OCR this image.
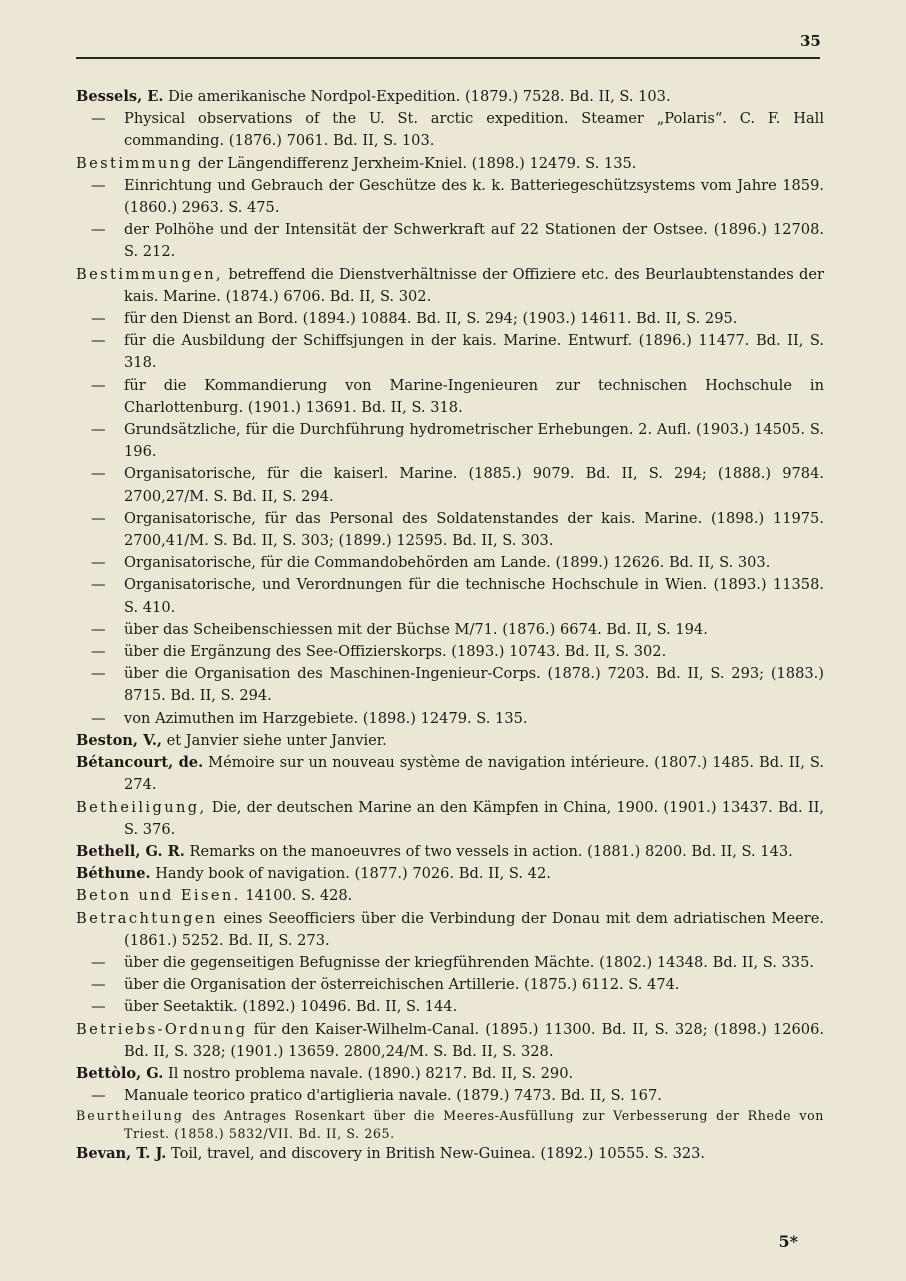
35
Bessels, E. Die amerikanische Nordpol-Expedition. (1879.) 7528. Bd. II, S. 103.
— Physical observations of the U. St. arctic expedition. Steamer „Polaris“. C. F. Hall commanding. (1876.) 7061. Bd. II, S. 103.
Bestimmung der Längendifferenz Jerxheim-Kniel. (1898.) 12479. S. 135.
— Einrichtung und Gebrauch der Geschütze des k. k. Batteriegeschützsystems vom Jahre 1859. (1860.) 2963. S. 475.
— der Polhöhe und der Intensität der Schwerkraft auf 22 Stationen der Ostsee. (1896.) 12708. S. 212.
Bestimmungen, betreffend die Dienstverhältnisse der Offiziere etc. des Beurlaubtenstandes der kais. Marine. (1874.) 6706. Bd. II, S. 302.
— für den Dienst an Bord. (1894.) 10884. Bd. II, S. 294; (1903.) 14611. Bd. II, S. 295.
— für die Ausbildung der Schiffsjungen in der kais. Marine. Entwurf. (1896.) 11477. Bd. II, S. 318.
— für die Kommandierung von Marine-Ingenieuren zur technischen Hochschule in Charlottenburg. (1901.) 13691. Bd. II, S. 318.
— Grundsätzliche, für die Durchführung hydrometrischer Erhebungen. 2. Aufl. (1903.) 14505. S. 196.
— Organisatorische, für die kaiserl. Marine. (1885.) 9079. Bd. II, S. 294; (1888.) 9784. 2700,27/M. S. Bd. II, S. 294.
— Organisatorische, für das Personal des Soldatenstandes der kais. Marine. (1898.) 11975. 2700,41/M. S. Bd. II, S. 303; (1899.) 12595. Bd. II, S. 303.
— Organisatorische, für die Commandobehörden am Lande. (1899.) 12626. Bd. II, S. 303.
— Organisatorische, und Verordnungen für die technische Hochschule in Wien. (1893.) 11358. S. 410.
— über das Scheibenschiessen mit der Büchse M/71. (1876.) 6674. Bd. II, S. 194.
— über die Ergänzung des See-Offizierskorps. (1893.) 10743. Bd. II, S. 302.
— über die Organisation des Maschinen-Ingenieur-Corps. (1878.) 7203. Bd. II, S. 293; (1883.) 8715. Bd. II, S. 294.
— von Azimuthen im Harzgebiete. (1898.) 12479. S. 135.
Beston, V., et Janvier siehe unter Janvier.
Bétancourt, de. Mémoire sur un nouveau système de navigation intérieure. (1807.) 1485. Bd. II, S. 274.
Betheiligung, Die, der deutschen Marine an den Kämpfen in China, 1900. (1901.) 13437. Bd. II, S. 376.
Bethell, G. R. Remarks on the manoeuvres of two vessels in action. (1881.) 8200. Bd. II, S. 143.
Béthune. Handy book of navigation. (1877.) 7026. Bd. II, S. 42.
Beton und Eisen. 14100. S. 428.
Betrachtungen eines Seeofficiers über die Verbindung der Donau mit dem adriatischen Meere. (1861.) 5252. Bd. II, S. 273.
— über die gegenseitigen Befugnisse der kriegführenden Mächte. (1802.) 14348. Bd. II, S. 335.
— über die Organisation der österreichischen Artillerie. (1875.) 6112. S. 474.
— über Seetaktik. (1892.) 10496. Bd. II, S. 144.
Betriebs-Ordnung für den Kaiser-Wilhelm-Canal. (1895.) 11300. Bd. II, S. 328; (1898.) 12606. Bd. II, S. 328; (1901.) 13659. 2800,24/M. S. Bd. II, S. 328.
Bettòlo, G. Il nostro problema navale. (1890.) 8217. Bd. II, S. 290.
— Manuale teorico pratico d'artiglieria navale. (1879.) 7473. Bd. II, S. 167.
Beurtheilung des Antrages Rosenkart über die Meeres-Ausfüllung zur Verbesserung der Rhede von Triest. (1858.) 5832/VII. Bd. II, S. 265.
Bevan, T. J. Toil, travel, and discovery in British New-Guinea. (1892.) 10555. S. 323.
5*
